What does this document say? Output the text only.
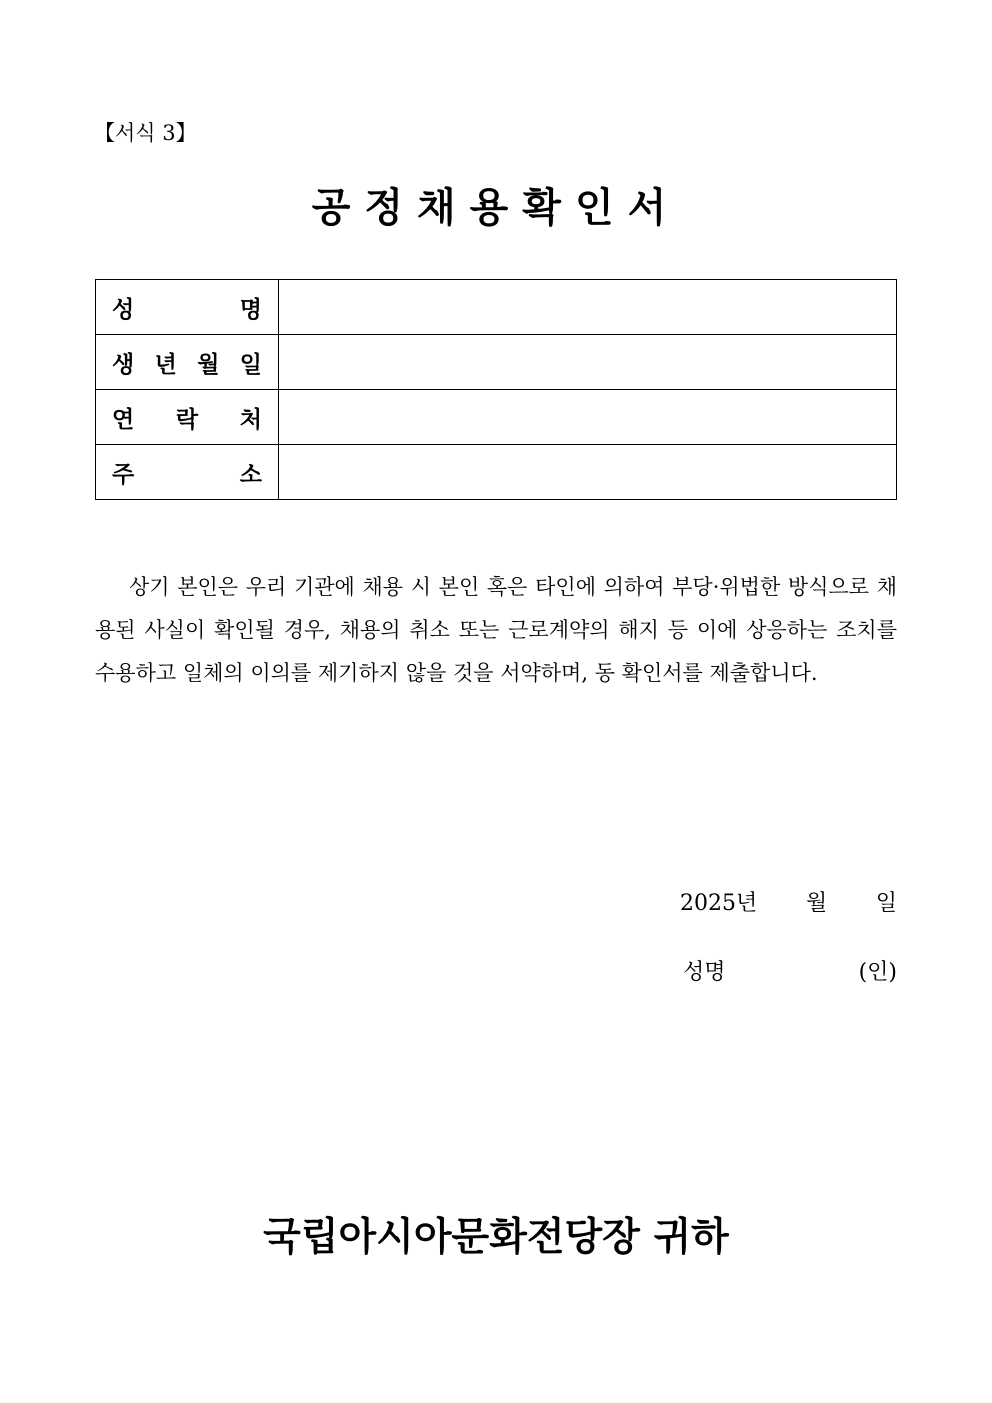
【서식 3】
공정채용확인서
성 명	

생 년 월 일	

연 락 처	

주 소	

상기 본인은 우리 기관에 채용 시 본인 혹은 타인에 의하여 부당·위법한 방식으로 채용된 사실이 확인될 경우, 채용의 취소 또는 근로계약의 해지 등 이에 상응하는 조치를 수용하고 일체의 이의를 제기하지 않을 것을 서약하며, 동 확인서를 제출합니다.
2025년 월 일
성명	(인)
국립아시아문화전당장 귀하
